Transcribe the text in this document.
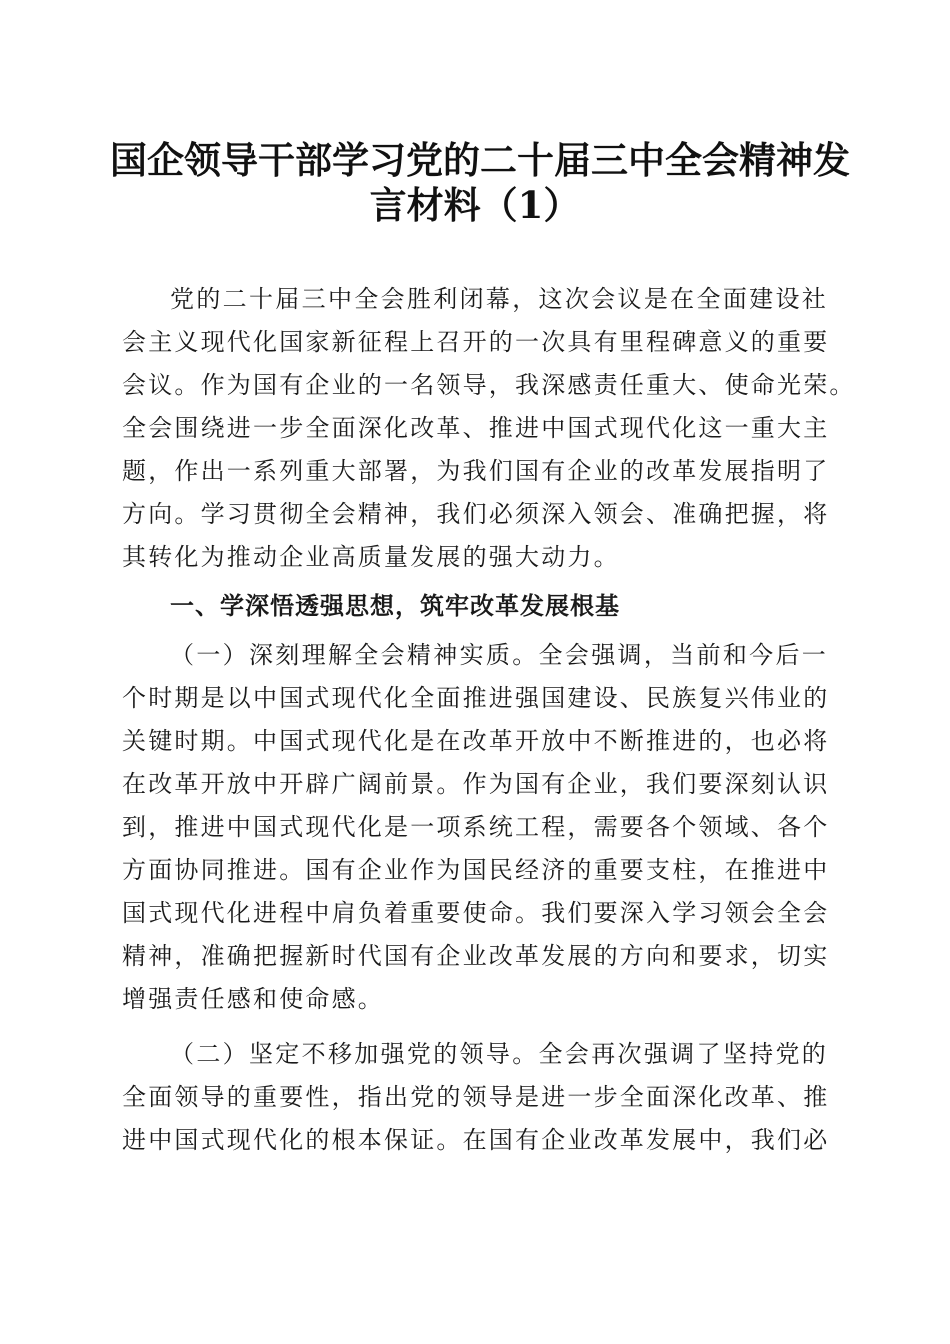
国企领导干部学习党的二十届三中全会精神发
言材料（1）
党的二十届三中全会胜利闭幕，这次会议是在全面建设社
会主义现代化国家新征程上召开的一次具有里程碑意义的重要
会议。作为国有企业的一名领导，我深感责任重大、使命光荣。
全会围绕进一步全面深化改革、推进中国式现代化这一重大主
题，作出一系列重大部署，为我们国有企业的改革发展指明了
方向。学习贯彻全会精神，我们必须深入领会、准确把握，将
其转化为推动企业高质量发展的强大动力。
一、学深悟透强思想，筑牢改革发展根基
（一）深刻理解全会精神实质。全会强调，当前和今后一
个时期是以中国式现代化全面推进强国建设、民族复兴伟业的
关键时期。中国式现代化是在改革开放中不断推进的，也必将
在改革开放中开辟广阔前景。作为国有企业，我们要深刻认识
到，推进中国式现代化是一项系统工程，需要各个领域、各个
方面协同推进。国有企业作为国民经济的重要支柱，在推进中
国式现代化进程中肩负着重要使命。我们要深入学习领会全会
精神，准确把握新时代国有企业改革发展的方向和要求，切实
增强责任感和使命感。
（二）坚定不移加强党的领导。全会再次强调了坚持党的
全面领导的重要性，指出党的领导是进一步全面深化改革、推
进中国式现代化的根本保证。在国有企业改革发展中，我们必
